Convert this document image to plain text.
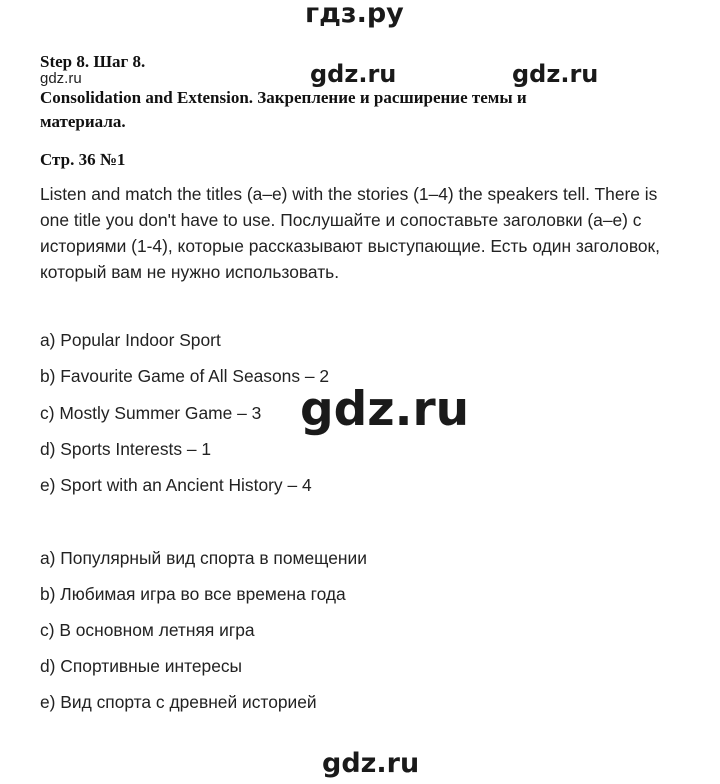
гдз.ру
gdz.ru	gdz.ru	gdz.ru
Step 8. Шаг 8.
Consolidation and Extension. Закрепление и расширение темы и
материала.
Стр. 36 №1
Listen and match the titles (a–e) with the stories (1–4) the speakers tell. There is
one title you don't have to use. Послушайте и сопоставьте заголовки (a–e) с
историями (1-4), которые рассказывают выступающие. Есть один заголовок,
который вам не нужно использовать.
a) Popular Indoor Sport
b) Favourite Game of All Seasons – 2
c) Mostly Summer Game – 3
d) Sports Interests – 1
e) Sport with an Ancient History – 4
gdz.ru
a) Популярный вид спорта в помещении
b) Любимая игра во все времена года
c) В основном летняя игра
d) Спортивные интересы
e) Вид спорта с древней историей
gdz.ru
